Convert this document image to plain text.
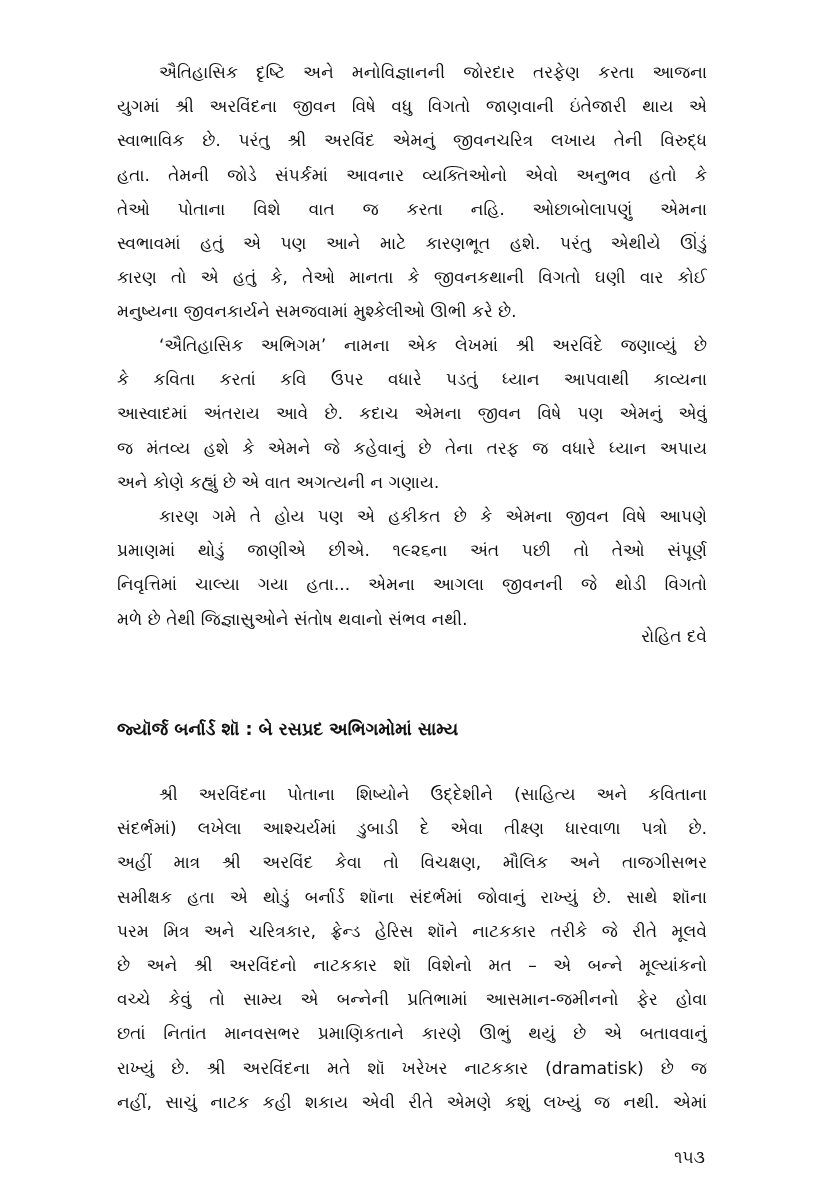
ઐતિહાસિક દૃષ્ટિ અને મનોવિજ્ઞાનની જોરદાર તરફેણ કરતા આજના
યુગમાં શ્રી અરવિંદના જીવન વિષે વધુ વિગતો જાણવાની ઇંતેજારી થાય એ
સ્વાભાવિક છે. પરંતુ શ્રી અરવિંદ એમનું જીવનચરિત્ર લખાય તેની વિરુદ્ધ
હતા. તેમની જોડે સંપર્કમાં આવનાર વ્યક્તિઓનો એવો અનુભવ હતો કે
તેઓ પોતાના વિશે વાત જ કરતા નહિ. ઓછાબોલાપણું એમના
સ્વભાવમાં હતું એ પણ આને માટે કારણભૂત હશે. પરંતુ એથીયે ઊંડું
કારણ તો એ હતું કે, તેઓ માનતા કે જીવનકથાની વિગતો ઘણી વાર કોઈ
મનુષ્યના જીવનકાર્યને સમજવામાં મુશ્કેલીઓ ઊભી કરે છે.
‘ઐતિહાસિક અભિગમ’ નામના એક લેખમાં શ્રી અરવિંદે જણાવ્યું છે
કે કવિતા કરતાં કવિ ઉપર વધારે પડતું ધ્યાન આપવાથી કાવ્યના
આસ્વાદમાં અંતરાય આવે છે. કદાચ એમના જીવન વિષે પણ એમનું એવું
જ મંતવ્ય હશે કે એમને જે કહેવાનું છે તેના તરફ જ વધારે ધ્યાન અપાય
અને કોણે કહ્યું છે એ વાત અગત્યની ન ગણાય.
કારણ ગમે તે હોય પણ એ હકીકત છે કે એમના જીવન વિષે આપણે
પ્રમાણમાં થોડું જાણીએ છીએ. ૧૯૨૬ના અંત પછી તો તેઓ સંપૂર્ણ
નિવૃત્તિમાં ચાલ્યા ગયા હતા... એમના આગલા જીવનની જે થોડી વિગતો
મળે છે તેથી જિજ્ઞાસુઓને સંતોષ થવાનો સંભવ નથી.

રોહિત દવે

જ્યૉર્જ બર્નાર્ડ શૉ : બે રસપ્રદ અભિગમોમાં સામ્ય
શ્રી અરવિંદના પોતાના શિષ્યોને ઉદ્દેશીને (સાહિત્ય અને કવિતાના
સંદર્ભમાં) લખેલા આશ્ચર્યમાં ડુબાડી દે એવા તીક્ષ્ણ ધારવાળા પત્રો છે.
અહીં માત્ર શ્રી અરવિંદ કેવા તો વિચક્ષણ, મૌલિક અને તાજગીસભર
સમીક્ષક હતા એ થોડું બર્નાર્ડ શૉના સંદર્ભમાં જોવાનું રાખ્યું છે. સાથે શૉના
પરમ મિત્ર અને ચરિત્રકાર, ફ્રેન્ડ હેરિસ શૉને નાટકકાર તરીકે જે રીતે મૂલવે
છે અને શ્રી અરવિંદનો નાટકકાર શૉ વિશેનો મત – એ બન્ને મૂલ્યાંકનો
વચ્ચે કેવું તો સામ્ય એ બન્નેની પ્રતિભામાં આસમાન-જમીનનો ફેર હોવા
છતાં નિતાંત માનવસભર પ્રમાણિકતાને કારણે ઊભું થયું છે એ બતાવવાનું
રાખ્યું છે. શ્રી અરવિંદના મતે શૉ ખરેખર નાટકકાર (dramatisk) છે જ
નહીં, સાચું નાટક કહી શકાય એવી રીતે એમણે કશું લખ્યું જ નથી. એમાં

૧૫૩
